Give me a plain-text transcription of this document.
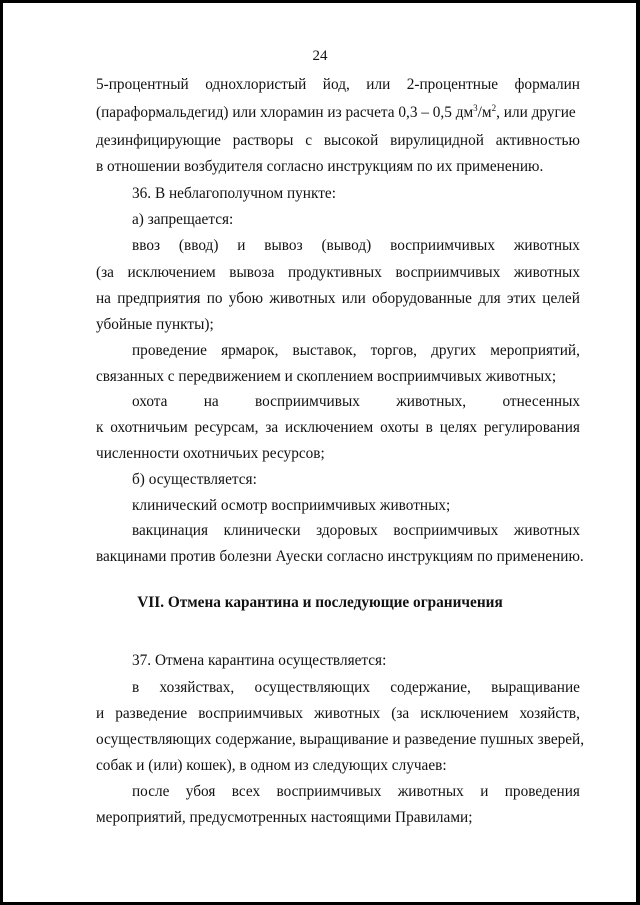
24
5-процентный однохлористый йод, или 2-процентные формалин
(параформальдегид) или хлорамин из расчета 0,3 – 0,5 $дм^3/м^2$, или другие
дезинфицирующие растворы с высокой вирулицидной активностью
в отношении возбудителя согласно инструкциям по их применению.
36. В неблагополучном пункте:
а) запрещается:
ввоз (ввод) и вывоз (вывод) восприимчивых животных
(за исключением вывоза продуктивных восприимчивых животных
на предприятия по убою животных или оборудованные для этих целей
убойные пункты);
проведение ярмарок, выставок, торгов, других мероприятий,
связанных с передвижением и скоплением восприимчивых животных;
охота на восприимчивых животных, отнесенных
к охотничьим ресурсам, за исключением охоты в целях регулирования
численности охотничьих ресурсов;
б) осуществляется:
клинический осмотр восприимчивых животных;
вакцинация клинически здоровых восприимчивых животных
вакцинами против болезни Ауески согласно инструкциям по применению.
VII. Отмена карантина и последующие ограничения
37. Отмена карантина осуществляется:
в хозяйствах, осуществляющих содержание, выращивание
и разведение восприимчивых животных (за исключением хозяйств,
осуществляющих содержание, выращивание и разведение пушных зверей,
собак и (или) кошек), в одном из следующих случаев:
после убоя всех восприимчивых животных и проведения
мероприятий, предусмотренных настоящими Правилами;
